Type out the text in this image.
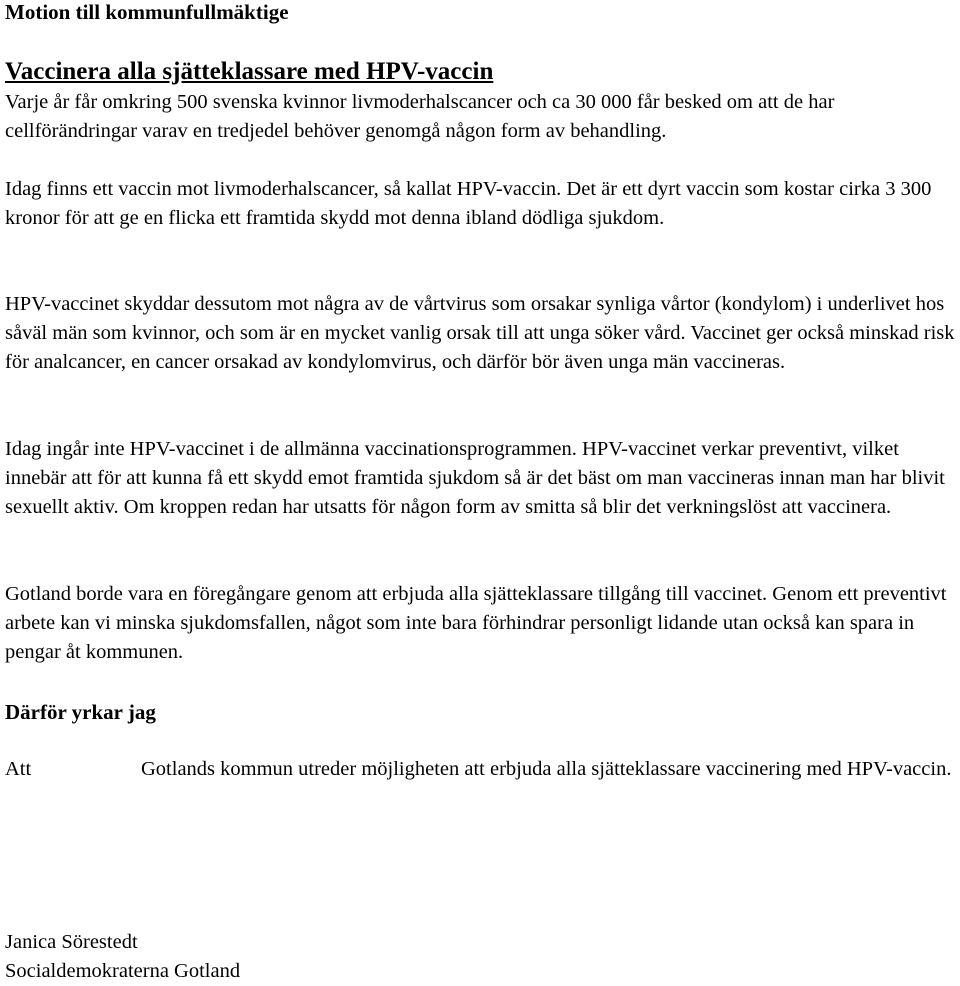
Motion till kommunfullmäktige
Vaccinera alla sjätteklassare med HPV-vaccin

Varje år får omkring 500 svenska kvinnor livmoderhalscancer och ca 30 000 får besked om att de har cellförändringar varav en tredjedel behöver genomgå någon form av behandling.

Idag finns ett vaccin mot livmoderhalscancer, så kallat HPV-vaccin. Det är ett dyrt vaccin som kostar cirka 3 300 kronor för att ge en flicka ett framtida skydd mot denna ibland dödliga sjukdom.

HPV-vaccinet skyddar dessutom mot några av de vårtvirus som orsakar synliga vårtor (kondylom) i underlivet hos såväl män som kvinnor, och som är en mycket vanlig orsak till att unga söker vård. Vaccinet ger också minskad risk för analcancer, en cancer orsakad av kondylomvirus, och därför bör även unga män vaccineras.

Idag ingår inte HPV-vaccinet i de allmänna vaccinationsprogrammen. HPV-vaccinet verkar preventivt, vilket innebär att för att kunna få ett skydd emot framtida sjukdom så är det bäst om man vaccineras innan man har blivit sexuellt aktiv. Om kroppen redan har utsatts för någon form av smitta så blir det verkningslöst att vaccinera.

Gotland borde vara en föregångare genom att erbjuda alla sjätteklassare tillgång till vaccinet. Genom ett preventivt arbete kan vi minska sjukdomsfallen, något som inte bara förhindrar personligt lidande utan också kan spara in pengar åt kommunen.

Därför yrkar jag
Att	Gotlands kommun utreder möjligheten att erbjuda alla sjätteklassare vaccinering med HPV-vaccin.
Janica Sörestedt
Socialdemokraterna Gotland
